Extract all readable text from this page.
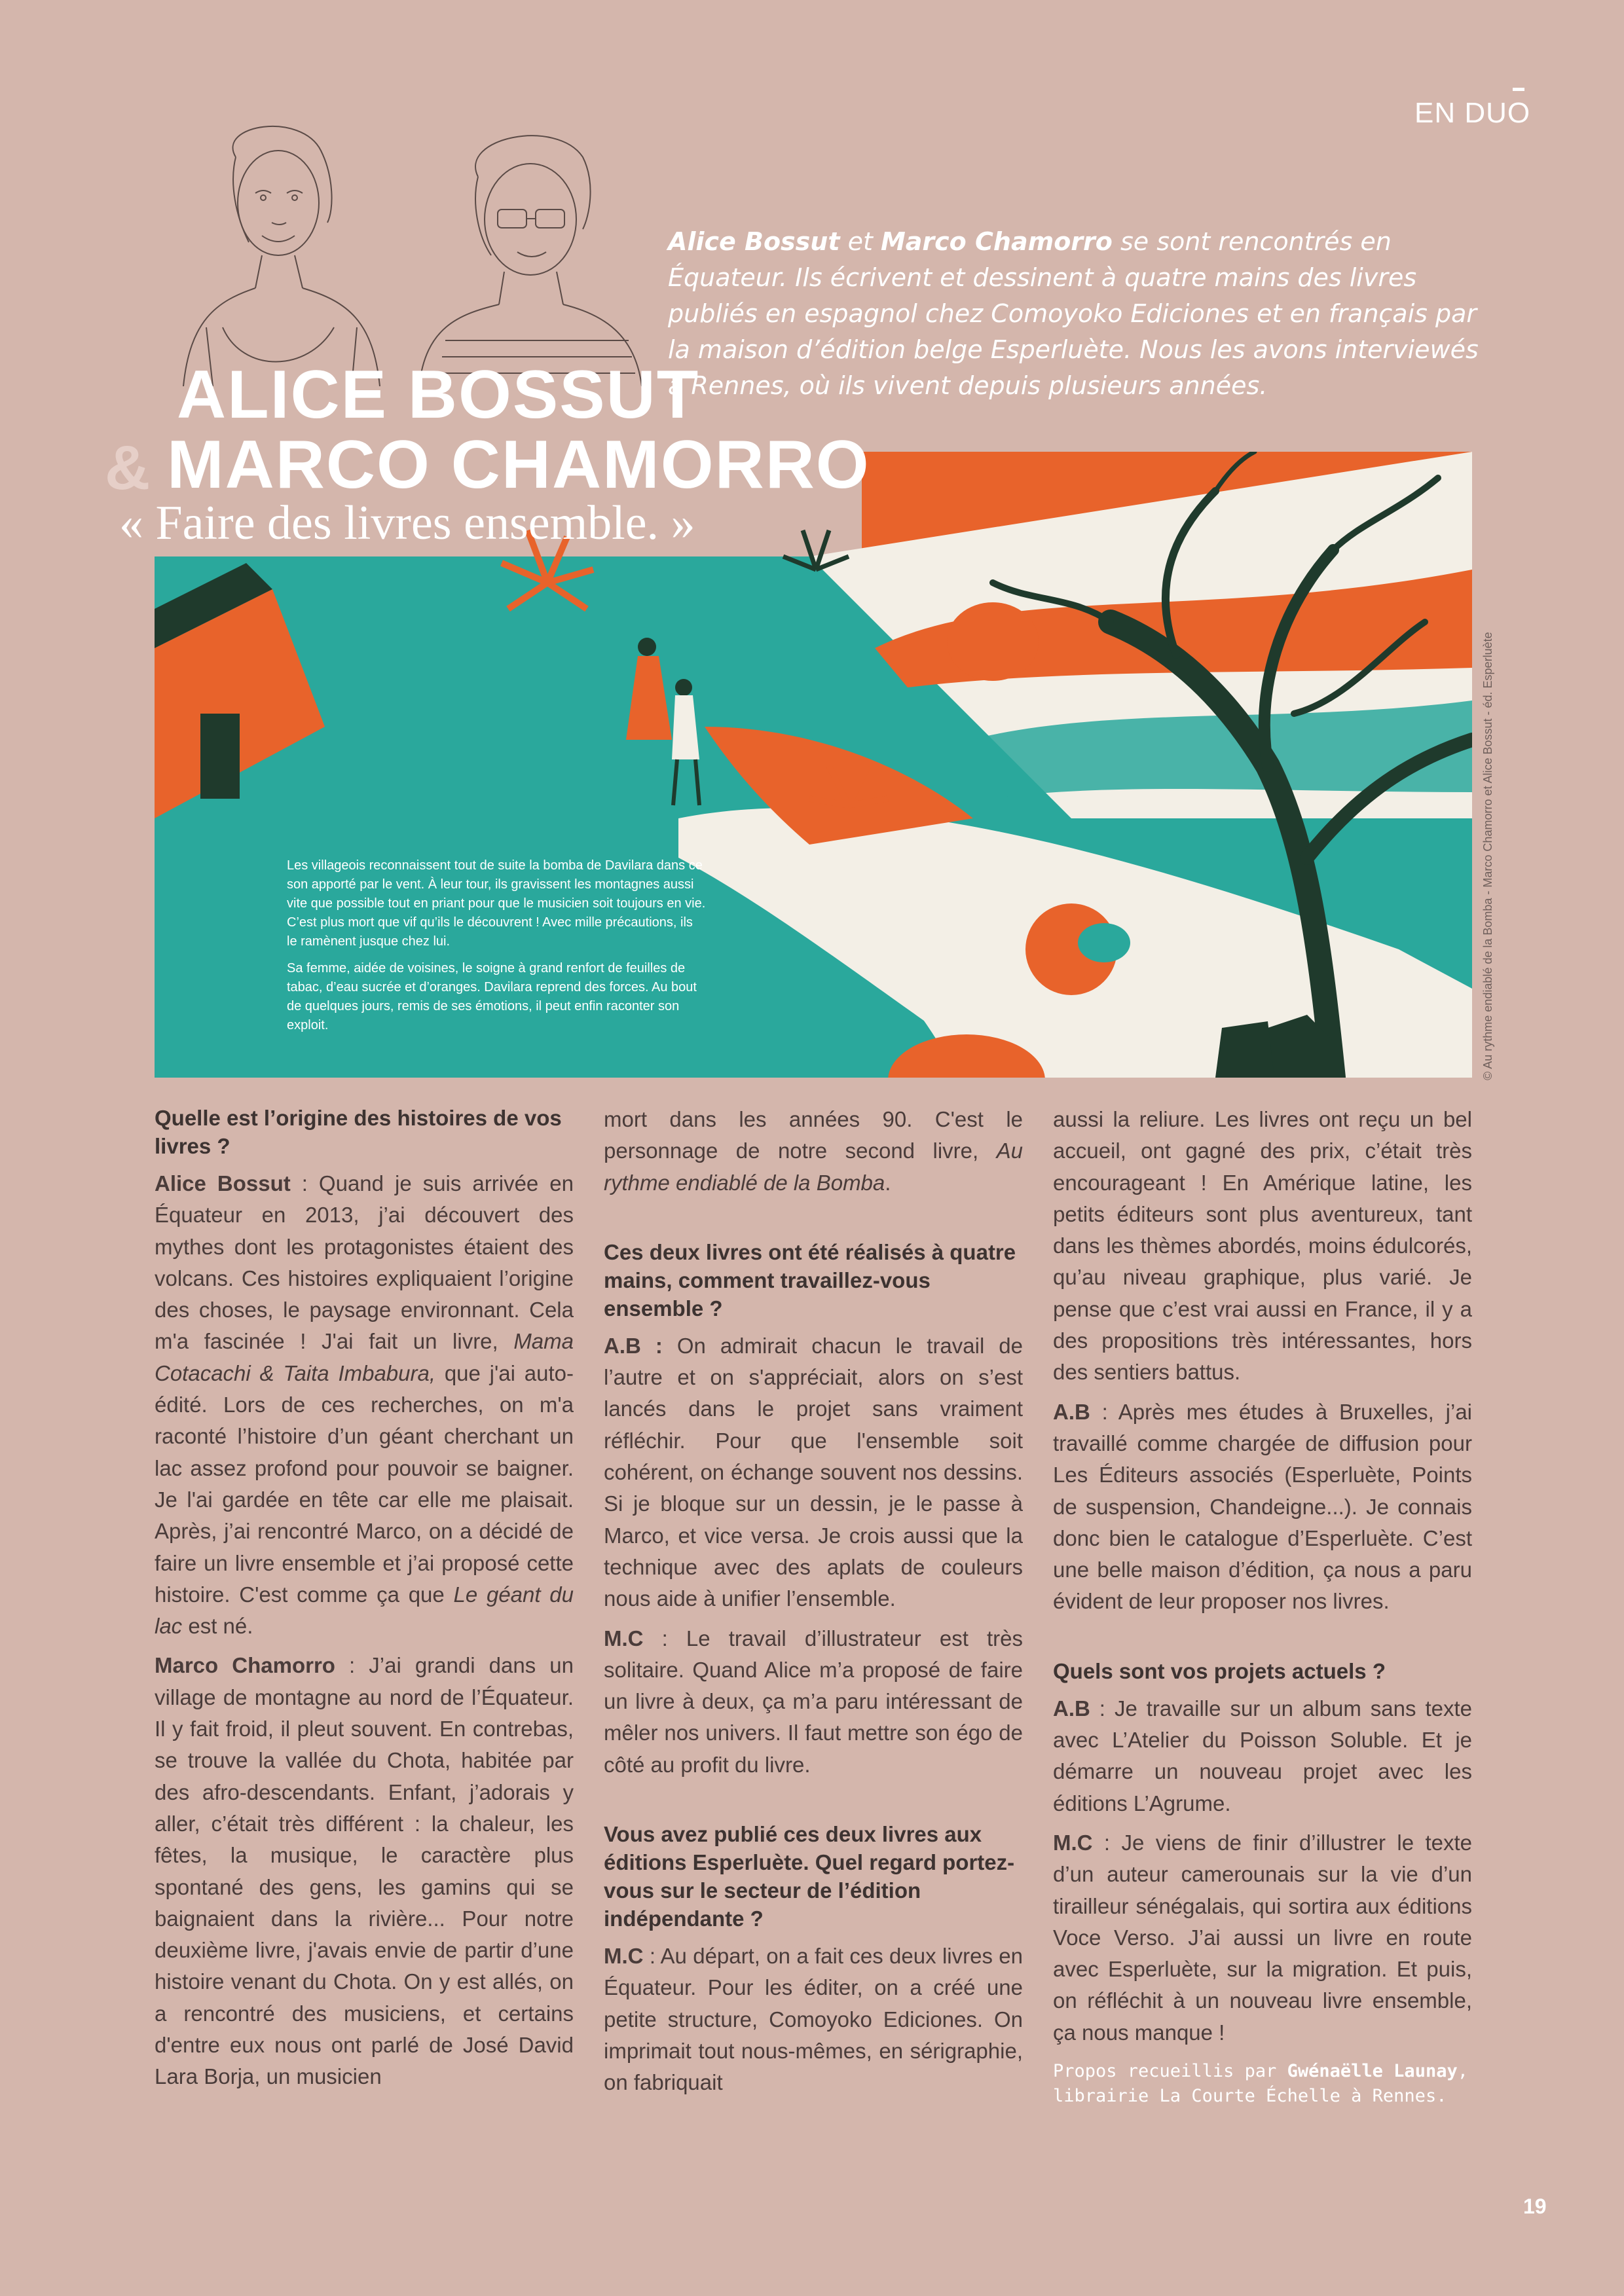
EN DUO

Alice Bossut et Marco Chamorro se sont rencontrés en Équateur. Ils écrivent et dessinent à quatre mains des livres publiés en espagnol chez Comoyoko Ediciones et en français par la maison d’édition belge Esperluète. Nous les avons interviewés à Rennes, où ils vivent depuis plusieurs années.

Les villageois reconnaissent tout de suite la bomba de Davilara dans ce son apporté par le vent. À leur tour, ils gravissent les montagnes aussi vite que possible tout en priant pour que le musicien soit toujours en vie. C’est plus mort que vif qu’ils le découvrent ! Avec mille précautions, ils le ramènent jusque chez lui.

Sa femme, aidée de voisines, le soigne à grand renfort de feuilles de tabac, d’eau sucrée et d’oranges. Davilara reprend des forces. Au bout de quelques jours, remis de ses émotions, il peut enfin raconter son exploit.	© Au rythme endiablé de la Bomba - Marco Chamorro et Alice Bossut - éd. Esperluète
ALICE BOSSUT
& MARCO CHAMORRO
« Faire des livres ensemble. »

Quelle est l’origine des histoires de vos livres ?

Alice Bossut : Quand je suis arrivée en Équateur en 2013, j’ai découvert des mythes dont les protagonistes étaient des volcans. Ces histoires expliquaient l’origine des choses, le paysage environnant. Cela m'a fascinée ! J'ai fait un livre, Mama Cotacachi & Taita Imbabura, que j'ai auto-édité. Lors de ces recherches, on m'a raconté l’histoire d’un géant cherchant un lac assez profond pour pouvoir se baigner. Je l'ai gardée en tête car elle me plaisait. Après, j’ai rencontré Marco, on a décidé de faire un livre ensemble et j’ai proposé cette histoire. C'est comme ça que Le géant du lac est né.

Marco Chamorro : J’ai grandi dans un village de montagne au nord de l’Équateur. Il y fait froid, il pleut souvent. En contrebas, se trouve la vallée du Chota, habitée par des afro-descendants. Enfant, j’adorais y aller, c’était très différent : la chaleur, les fêtes, la musique, le caractère plus spontané des gens, les gamins qui se baignaient dans la rivière... Pour notre deuxième livre, j'avais envie de partir d’une histoire venant du Chota. On y est allés, on a rencontré des musiciens, et certains d'entre eux nous ont parlé de José David Lara Borja, un musicien

mort dans les années 90. C'est le personnage de notre second livre, Au rythme endiablé de la Bomba.

Ces deux livres ont été réalisés à quatre mains, comment travaillez-vous ensemble ?

A.B : On admirait chacun le travail de l’autre et on s'appréciait, alors on s’est lancés dans le projet sans vraiment réfléchir. Pour que l'ensemble soit cohérent, on échange souvent nos dessins. Si je bloque sur un dessin, je le passe à Marco, et vice versa. Je crois aussi que la technique avec des aplats de couleurs nous aide à unifier l’ensemble.

M.C : Le travail d’illustrateur est très solitaire. Quand Alice m’a proposé de faire un livre à deux, ça m’a paru intéressant de mêler nos univers. Il faut mettre son égo de côté au profit du livre.

Vous avez publié ces deux livres aux éditions Esperluète. Quel regard portez-vous sur le secteur de l’édition indépendante ?

M.C : Au départ, on a fait ces deux livres en Équateur. Pour les éditer, on a créé une petite structure, Comoyoko Ediciones. On imprimait tout nous-mêmes, en sérigraphie, on fabriquait

aussi la reliure. Les livres ont reçu un bel accueil, ont gagné des prix, c’était très encourageant ! En Amérique latine, les petits éditeurs sont plus aventureux, tant dans les thèmes abordés, moins édulcorés, qu’au niveau graphique, plus varié. Je pense que c’est vrai aussi en France, il y a des propositions très intéressantes, hors des sentiers battus.

A.B : Après mes études à Bruxelles, j’ai travaillé comme chargée de diffusion pour Les Éditeurs associés (Esperluète, Points de suspension, Chandeigne...). Je connais donc bien le catalogue d’Esperluète. C’est une belle maison d’édition, ça nous a paru évident de leur proposer nos livres.

Quels sont vos projets actuels ?

A.B : Je travaille sur un album sans texte avec L’Atelier du Poisson Soluble. Et je démarre un nouveau projet avec les éditions L’Agrume.

M.C : Je viens de finir d’illustrer le texte d’un auteur camerounais sur la vie d’un tirailleur sénégalais, qui sortira aux éditions Voce Verso. J’ai aussi un livre en route avec Esperluète, sur la migration. Et puis, on réfléchit à un nouveau livre ensemble, ça nous manque !

Propos recueillis par Gwénaëlle Launay, librairie La Courte Échelle à Rennes.

19
